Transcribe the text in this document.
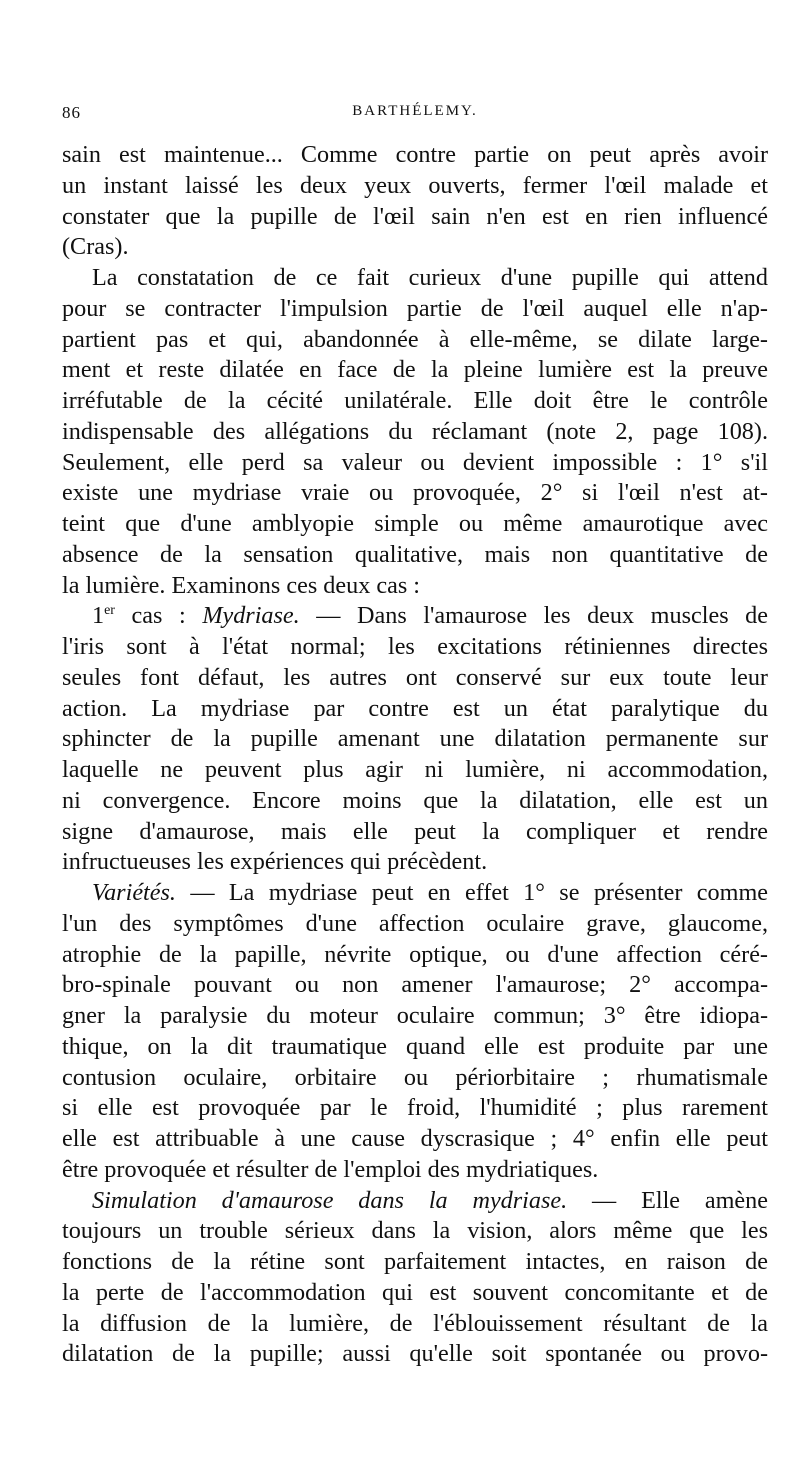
86	BARTHÉLEMY.

sain est maintenue... Comme contre partie on peut après avoir
un instant laissé les deux yeux ouverts, fermer l'œil malade et
constater que la pupille de l'œil sain n'en est en rien influencé
(Cras).

La constatation de ce fait curieux d'une pupille qui attend
pour se contracter l'impulsion partie de l'œil auquel elle n'ap-
partient pas et qui, abandonnée à elle-même, se dilate large-
ment et reste dilatée en face de la pleine lumière est la preuve
irréfutable de la cécité unilatérale. Elle doit être le contrôle
indispensable des allégations du réclamant (note 2, page 108).
Seulement, elle perd sa valeur ou devient impossible : 1° s'il
existe une mydriase vraie ou provoquée, 2° si l'œil n'est at-
teint que d'une amblyopie simple ou même amaurotique avec
absence de la sensation qualitative, mais non quantitative de
la lumière. Examinons ces deux cas :

1er cas : Mydriase. — Dans l'amaurose les deux muscles de
l'iris sont à l'état normal; les excitations rétiniennes directes
seules font défaut, les autres ont conservé sur eux toute leur
action. La mydriase par contre est un état paralytique du
sphincter de la pupille amenant une dilatation permanente sur
laquelle ne peuvent plus agir ni lumière, ni accommodation,
ni convergence. Encore moins que la dilatation, elle est un
signe d'amaurose, mais elle peut la compliquer et rendre
infructueuses les expériences qui précèdent.

Variétés. — La mydriase peut en effet 1° se présenter comme
l'un des symptômes d'une affection oculaire grave, glaucome,
atrophie de la papille, névrite optique, ou d'une affection céré-
bro-spinale pouvant ou non amener l'amaurose; 2° accompa-
gner la paralysie du moteur oculaire commun; 3° être idiopa-
thique, on la dit traumatique quand elle est produite par une
contusion oculaire, orbitaire ou périorbitaire ; rhumatismale
si elle est provoquée par le froid, l'humidité ; plus rarement
elle est attribuable à une cause dyscrasique ; 4° enfin elle peut
être provoquée et résulter de l'emploi des mydriatiques.

Simulation d'amaurose dans la mydriase. — Elle amène
toujours un trouble sérieux dans la vision, alors même que les
fonctions de la rétine sont parfaitement intactes, en raison de
la perte de l'accommodation qui est souvent concomitante et de
la diffusion de la lumière, de l'éblouissement résultant de la
dilatation de la pupille; aussi qu'elle soit spontanée ou provo-
